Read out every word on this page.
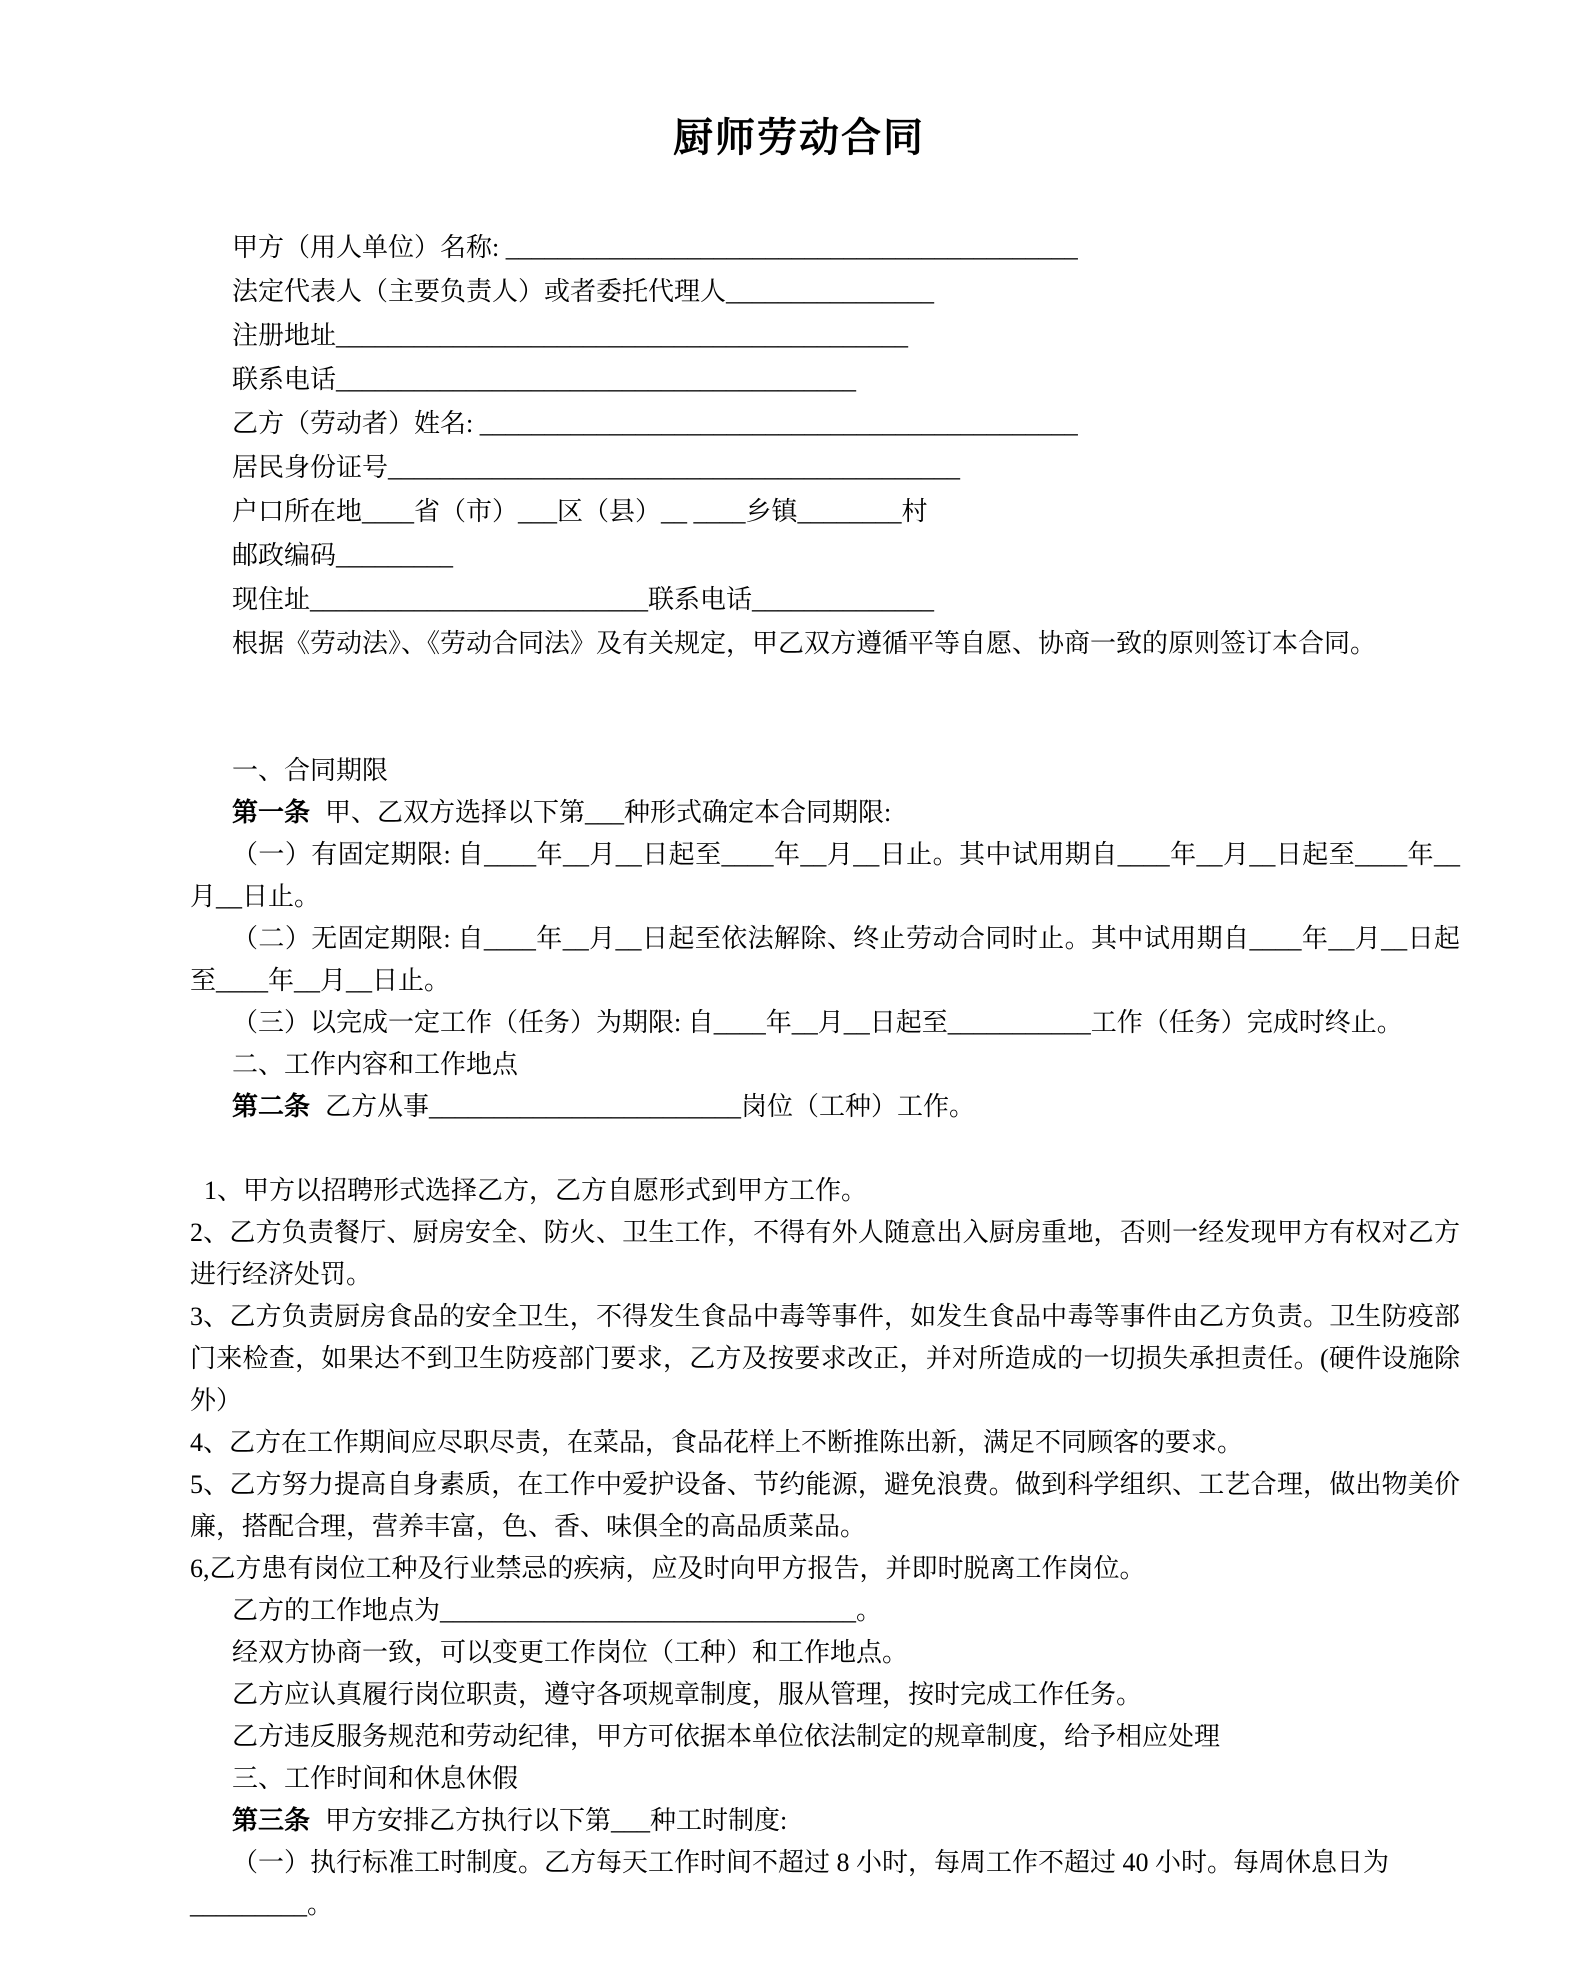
厨师劳动合同

甲方（用人单位）名称: ____________________________________________

法定代表人（主要负责人）或者委托代理人________________

注册地址____________________________________________

联系电话________________________________________

乙方（劳动者）姓名: ______________________________________________

居民身份证号____________________________________________

户口所在地____省（市）___区（县）__ ____乡镇________村

邮政编码_________

现住址__________________________联系电话______________

根据《劳动法》、《劳动合同法》及有关规定，甲乙双方遵循平等自愿、协商一致的原则签订本合同。

一、合同期限

第一条 甲、乙双方选择以下第___种形式确定本合同期限:

（一）有固定期限: 自____年__月__日起至____年__月__日止。其中试用期自____年__月__日起至____年__月__日止。

（二）无固定期限: 自____年__月__日起至依法解除、终止劳动合同时止。其中试用期自____年__月__日起至____年__月__日止。

（三）以完成一定工作（任务）为期限: 自____年__月__日起至___________工作（任务）完成时终止。

二、工作内容和工作地点

第二条 乙方从事________________________岗位（工种）工作。

1、甲方以招聘形式选择乙方，乙方自愿形式到甲方工作。

2、乙方负责餐厅、厨房安全、防火、卫生工作，不得有外人随意出入厨房重地，否则一经发现甲方有权对乙方进行经济处罚。

3、乙方负责厨房食品的安全卫生，不得发生食品中毒等事件，如发生食品中毒等事件由乙方负责。卫生防疫部门来检查，如果达不到卫生防疫部门要求，乙方及按要求改正，并对所造成的一切损失承担责任。(硬件设施除外）

4、乙方在工作期间应尽职尽责，在菜品，食品花样上不断推陈出新，满足不同顾客的要求。

5、乙方努力提高自身素质，在工作中爱护设备、节约能源，避免浪费。做到科学组织、工艺合理，做出物美价廉，搭配合理，营养丰富，色、香、味俱全的高品质菜品。

6,乙方患有岗位工种及行业禁忌的疾病，应及时向甲方报告，并即时脱离工作岗位。

乙方的工作地点为________________________________。

经双方协商一致，可以变更工作岗位（工种）和工作地点。

乙方应认真履行岗位职责，遵守各项规章制度，服从管理，按时完成工作任务。

乙方违反服务规范和劳动纪律，甲方可依据本单位依法制定的规章制度，给予相应处理

三、工作时间和休息休假

第三条 甲方安排乙方执行以下第___种工时制度:

（一）执行标准工时制度。乙方每天工作时间不超过 8 小时，每周工作不超过 40 小时。每周休息日为

_________。
